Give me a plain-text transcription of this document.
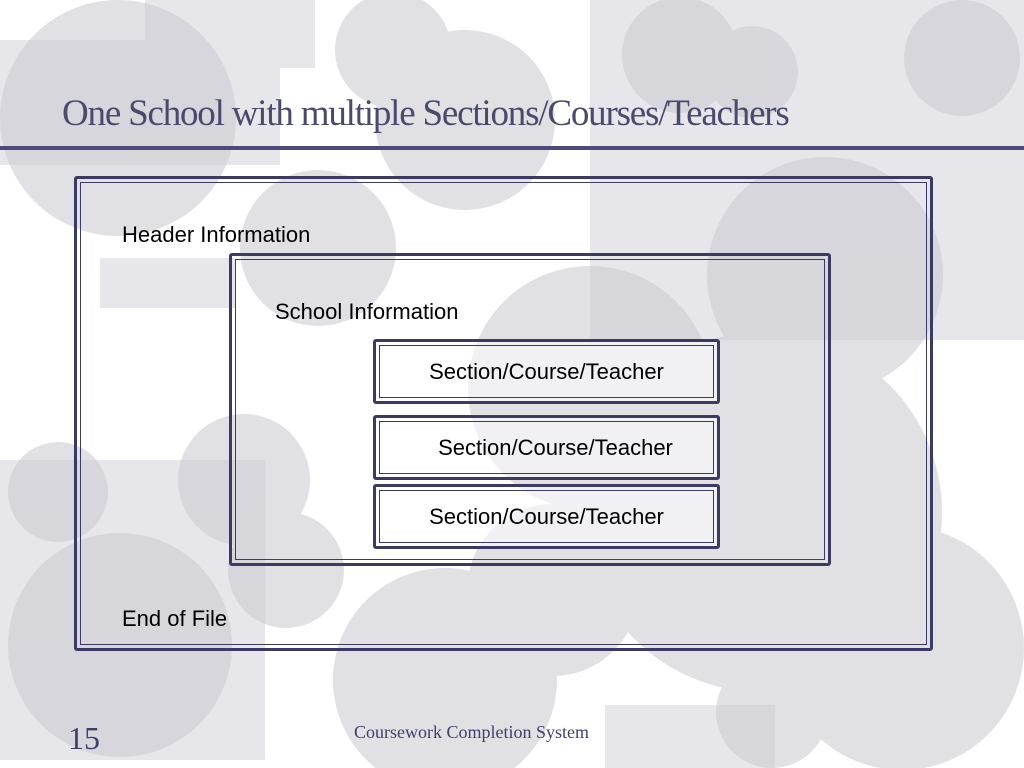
One School with multiple Sections/Courses/Teachers
Header Information
School Information
Section/Course/Teacher
Section/Course/Teacher
Section/Course/Teacher
End of File
Coursework Completion System
15
